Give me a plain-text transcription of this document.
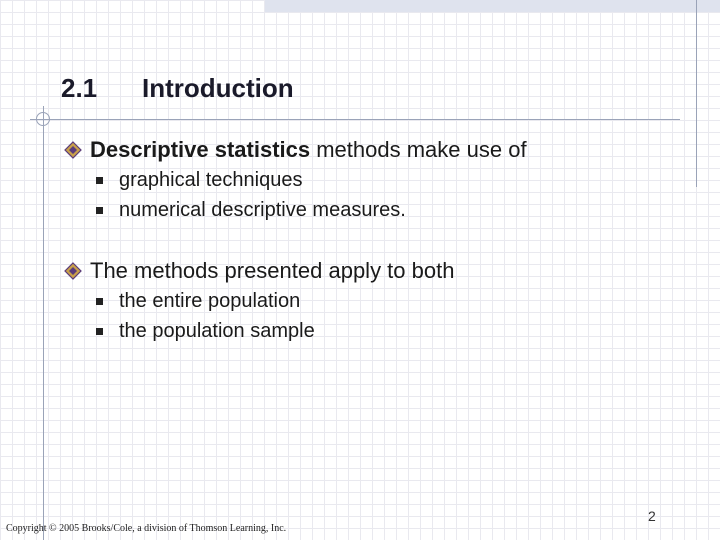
2.1 Introduction
Descriptive statistics methods make use of
graphical techniques
numerical descriptive measures.
The methods presented apply to both
the entire population
the population sample
Copyright © 2005 Brooks/Cole, a division of Thomson Learning, Inc.
2
